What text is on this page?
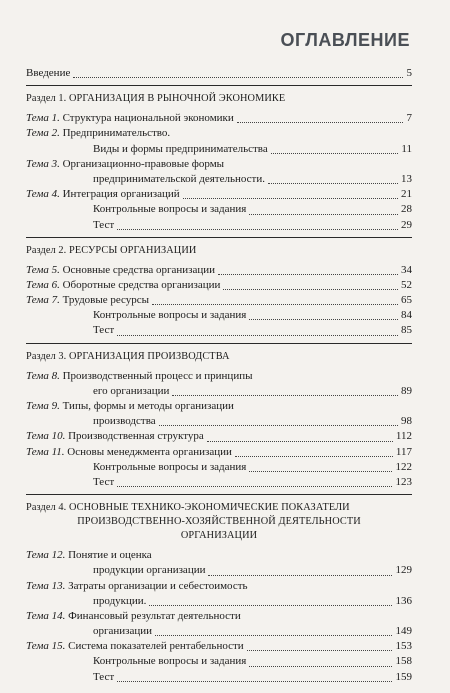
ОГЛАВЛЕНИЕ
Введение	5
Раздел 1. ОРГАНИЗАЦИЯ В РЫНОЧНОЙ ЭКОНОМИКЕ
Тема 1. Структура национальной экономики	7
Тема 2. Предпринимательство.
Виды и формы предпринимательства	11
Тема 3. Организационно-правовые формы
предпринимательской деятельности.	13
Тема 4. Интеграция организаций	21
Контрольные вопросы и задания	28
Тест	29
Раздел 2. РЕСУРСЫ ОРГАНИЗАЦИИ
Тема 5. Основные средства организации	34
Тема 6. Оборотные средства организации	52
Тема 7. Трудовые ресурсы	65
Контрольные вопросы и задания	84
Тест	85
Раздел 3. ОРГАНИЗАЦИЯ ПРОИЗВОДСТВА
Тема 8. Производственный процесс и принципы
его организации	89
Тема 9. Типы, формы и методы организации
производства	98
Тема 10. Производственная структура	112
Тема 11. Основы менеджмента организации	117
Контрольные вопросы и задания	122
Тест	123
Раздел 4. ОСНОВНЫЕ ТЕХНИКО-ЭКОНОМИЧЕСКИЕ ПОКАЗАТЕЛИ
ПРОИЗВОДСТВЕННО-ХОЗЯЙСТВЕННОЙ ДЕЯТЕЛЬНОСТИ
ОРГАНИЗАЦИИ
Тема 12. Понятие и оценка
продукции организации	129
Тема 13. Затраты организации и себестоимость
продукции.	136
Тема 14. Финансовый результат деятельности
организации	149
Тема 15. Система показателей рентабельности	153
Контрольные вопросы и задания	158
Тест	159
